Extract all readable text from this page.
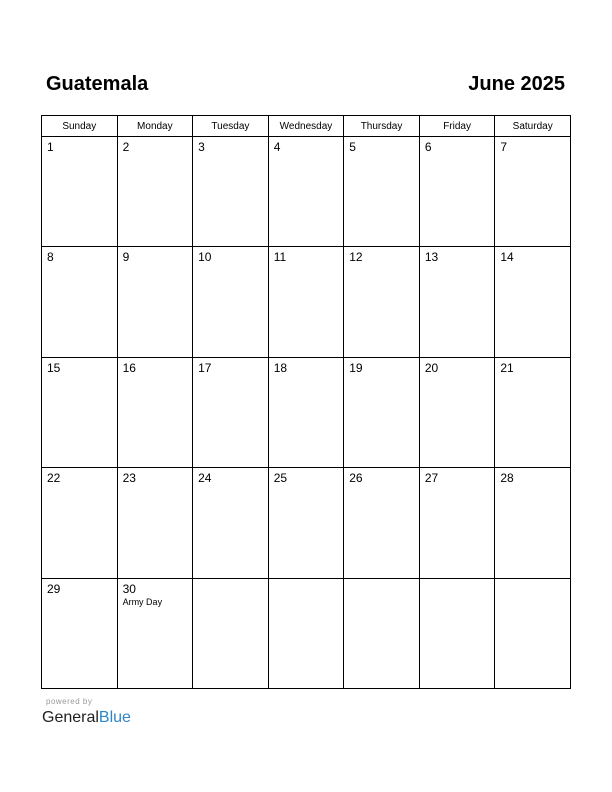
Guatemala	June 2025
Sunday	Monday	Tuesday	Wednesday	Thursday	Friday	Saturday

1	2	3	4	5	6	7

8	9	10	11	12	13	14

15	16	17	18	19	20	21

22	23	24	25	26	27	28

29	30
Army Day					

powered by
GeneralBlue
